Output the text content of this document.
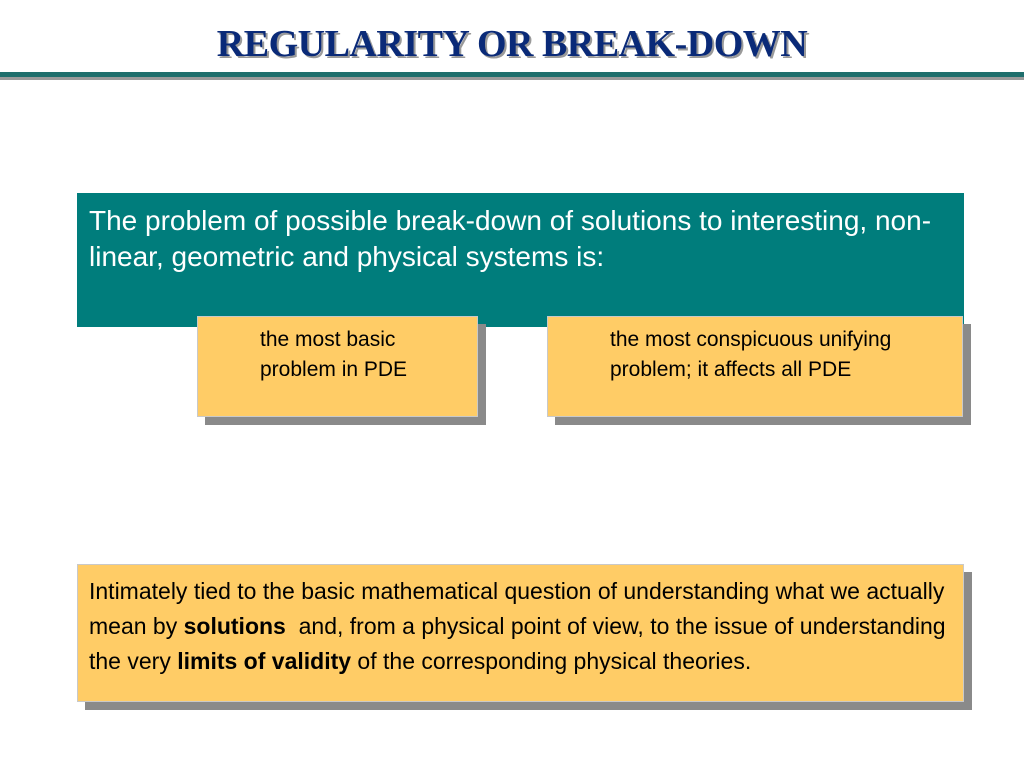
REGULARITY OR BREAK-DOWN
The problem of possible break-down of solutions to interesting, non-linear, geometric and physical systems is:
the most basic problem in PDE
the most conspicuous unifying problem; it affects all PDE
Intimately tied to the basic mathematical question of understanding what we actually mean by solutions  and, from a physical point of view, to the issue of understanding the very limits of validity of the corresponding physical theories.
